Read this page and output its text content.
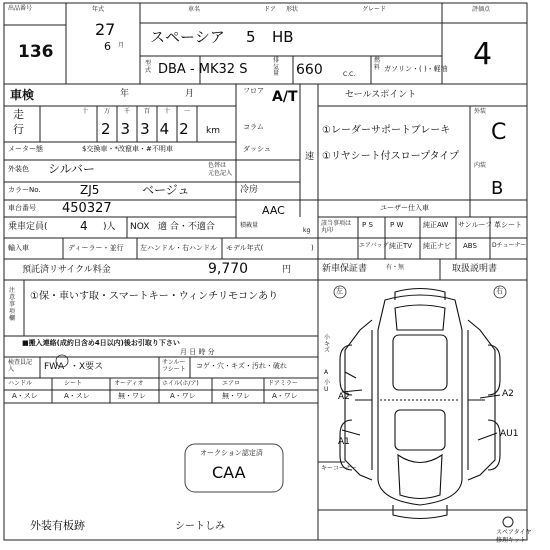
出品番号
136
年式
27
6 月
車名	ドア 形状	グレード	評価点
スペーシア 5 HB	4
型式 DBA - MK32 S
排気量 660	C.C.
燃料 ガソリン・( )・軽油
車検	年	月
走行
十	万 千 百 十 一
23342 km
メーター態	$交換車・*改竄車・#不明車
外装色 シルバー	色替は
元色記入
カラーNo.	ZJ5	ベージュ
車台番号 450327
乗車定員(	4 )人 NOX 適 合・不適合	積載量
kg
輸入車	ディーラー・並行 左ハンドル・右ハンドル モデル年式(	)
預託済リサイクル料金	9,770	円
注意事項欄
①保・車いす取・スマートキー・ウィンチリモコンあり
■搬入連絡(成約日含め4日以内)後お引取り下さい
月 日 時 分
検査員記入	FW A ・X要ス	サンルーフシート	コゲ・穴・キズ・汚れ・破れ
ハンドル	シート	オーディオ	ホイル(ホ/ア)	エアロ	ドアミラー
A・スレ	A・スレ	無・ワレ	A・ワレ	無・ワレ	A・ワレ
オークション認定済
CAA
外装有板跡	シートしみ
フロア A/T
コラム
ダッシュ
速
冷房
AAC
セールスポイント
①レーダーサポートブレーキ
①リヤシート付スロープタイプ
外装
C
内装
B
ユーザー仕入車
該当事項は丸印
P S P W	純正AW サンルーフ 革シート
エアバッグ 純正TV 純正ナビ ABS	Dチューナー
新車保証書	有・無	取扱説明書
左	右
小キズ
A
小U
A2	A2
A1
AU1
キーコーナー
スペアタイヤ
修理キット
